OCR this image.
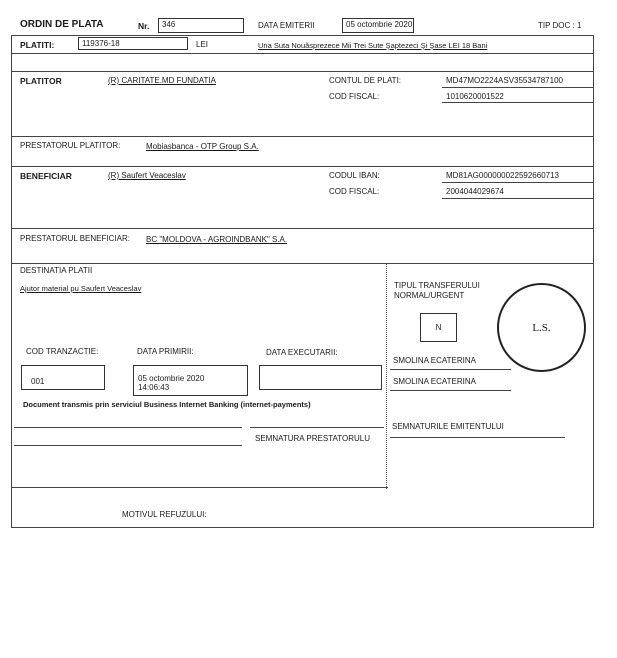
ORDIN DE PLATA	Nr. 346	DATA EMITERII	05 octombrie 2020	TIP DOC : 1
PLATITI:	119376-18	LEI	Una Suta Nouăsprezece Mii Trei Sute Şaptezeci Şi Şase LEI 18 Bani
PLATITOR	(R) CARITATE.MD FUNDATIA	CONTUL DE PLATI:	MD47MO2224ASV35534787100
COD FISCAL:	1010620001522
PRESTATORUL PLATITOR:	Mobiasbanca - OTP Group S.A.
BENEFICIAR	(R) Saufert Veaceslav	CODUL IBAN:	MD81AG000000022592660713
COD FISCAL:	2004044029674
PRESTATORUL BENEFICIAR: BC "MOLDOVA - AGROINDBANK" S.A.
DESTINATIA PLATII
Ajutor material pu Saufert Veaceslav	TIPUL TRANSFERULUI
NORMAL/URGENT
N	L.S.
COD TRANZACTIE:	DATA PRIMIRII:	DATA EXECUTARII:
001	05 octombrie 2020
14:06:43
SMOLINA ECATERINA
SMOLINA ECATERINA
Document transmis prin serviciul Business Internet Banking (internet-payments)
SEMNATURA PRESTATORULU
SEMNATURILE EMITENTULUI
MOTIVUL REFUZULUI:
